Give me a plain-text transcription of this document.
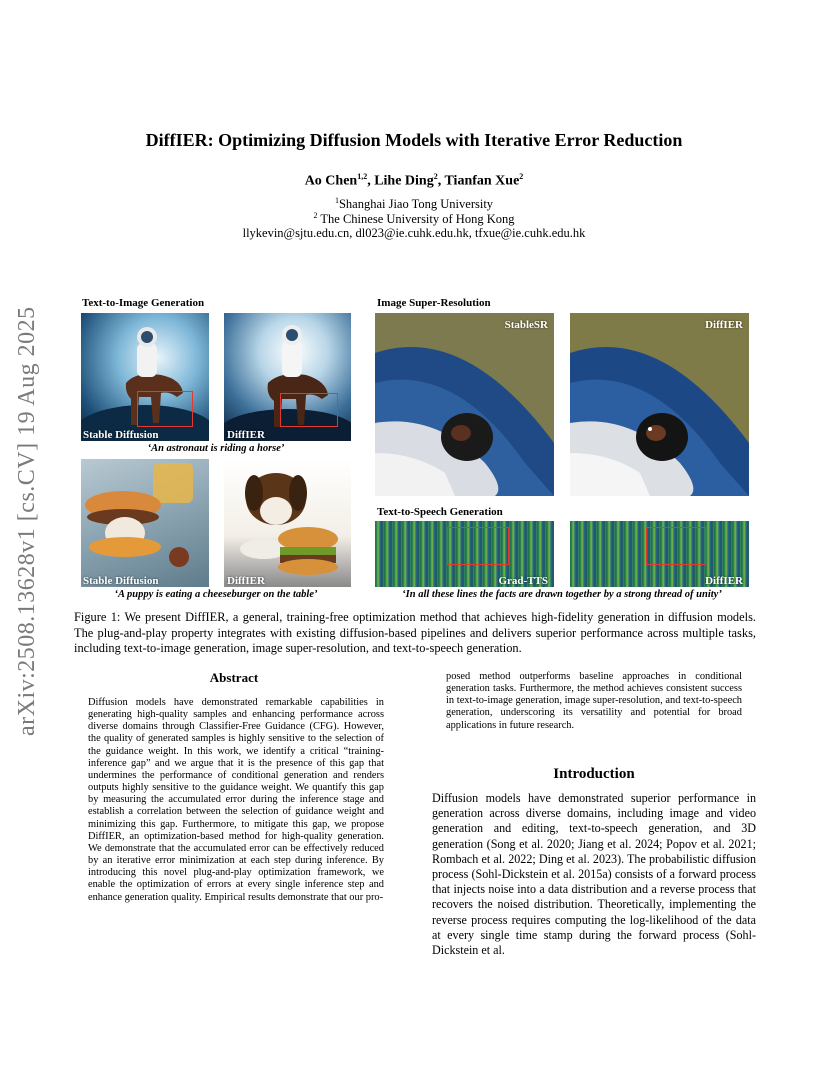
arXiv:2508.13628v1 [cs.CV] 19 Aug 2025
DiffIER: Optimizing Diffusion Models with Iterative Error Reduction
Ao Chen$^{1,2}$, Lihe Ding$^2$, Tianfan Xue$^2$
$^1$Shanghai Jiao Tong University
$^2$ The Chinese University of Hong Kong
llykevin@sjtu.edu.cn, dl023@ie.cuhk.edu.hk, tfxue@ie.cuhk.edu.hk
Text-to-Image Generation	Image Super-Resolution
Text-to-Speech Generation
Stable Diffusion	DiffIER
‘An astronaut is riding a horse’
Stable Diffusion	DiffIER
‘A puppy is eating a cheeseburger on the table’
StableSR	DiffIER
Grad-TTS	DiffIER
‘In all these lines the facts are drawn together by a strong thread of unity’
Figure 1: We present DiffIER, a general, training-free optimization method that achieves high-fidelity generation in diffusion models. The plug-and-play property integrates with existing diffusion-based pipelines and delivers superior performance across multiple tasks, including text-to-image generation, image super-resolution, and text-to-speech generation.
Abstract
Diffusion models have demonstrated remarkable capabilities in generating high-quality samples and enhancing performance across diverse domains through Classifier-Free Guidance (CFG). However, the quality of generated samples is highly sensitive to the selection of the guidance weight. In this work, we identify a critical “training-inference gap” and we argue that it is the presence of this gap that undermines the performance of conditional generation and renders outputs highly sensitive to the guidance weight. We quantify this gap by measuring the accumulated error during the inference stage and establish a correlation between the selection of guidance weight and minimizing this gap. Furthermore, to mitigate this gap, we propose DiffIER, an optimization-based method for high-quality generation. We demonstrate that the accumulated error can be effectively reduced by an iterative error minimization at each step during inference. By introducing this novel plug-and-play optimization framework, we enable the optimization of errors at every single inference step and enhance generation quality. Empirical results demonstrate that our pro-
posed method outperforms baseline approaches in conditional generation tasks. Furthermore, the method achieves consistent success in text-to-image generation, image super-resolution, and text-to-speech generation, underscoring its versatility and potential for broad applications in future research.
Introduction
Diffusion models have demonstrated superior performance in generation across diverse domains, including image and video generation and editing, text-to-speech generation, and 3D generation (Song et al. 2020; Jiang et al. 2024; Popov et al. 2021; Rombach et al. 2022; Ding et al. 2023). The probabilistic diffusion process (Sohl-Dickstein et al. 2015a) consists of a forward process that injects noise into a data distribution and a reverse process that recovers the noised distribution. Theoretically, implementing the reverse process requires computing the log-likelihood of the data at every single time stamp during the forward process (Sohl-Dickstein et al.
